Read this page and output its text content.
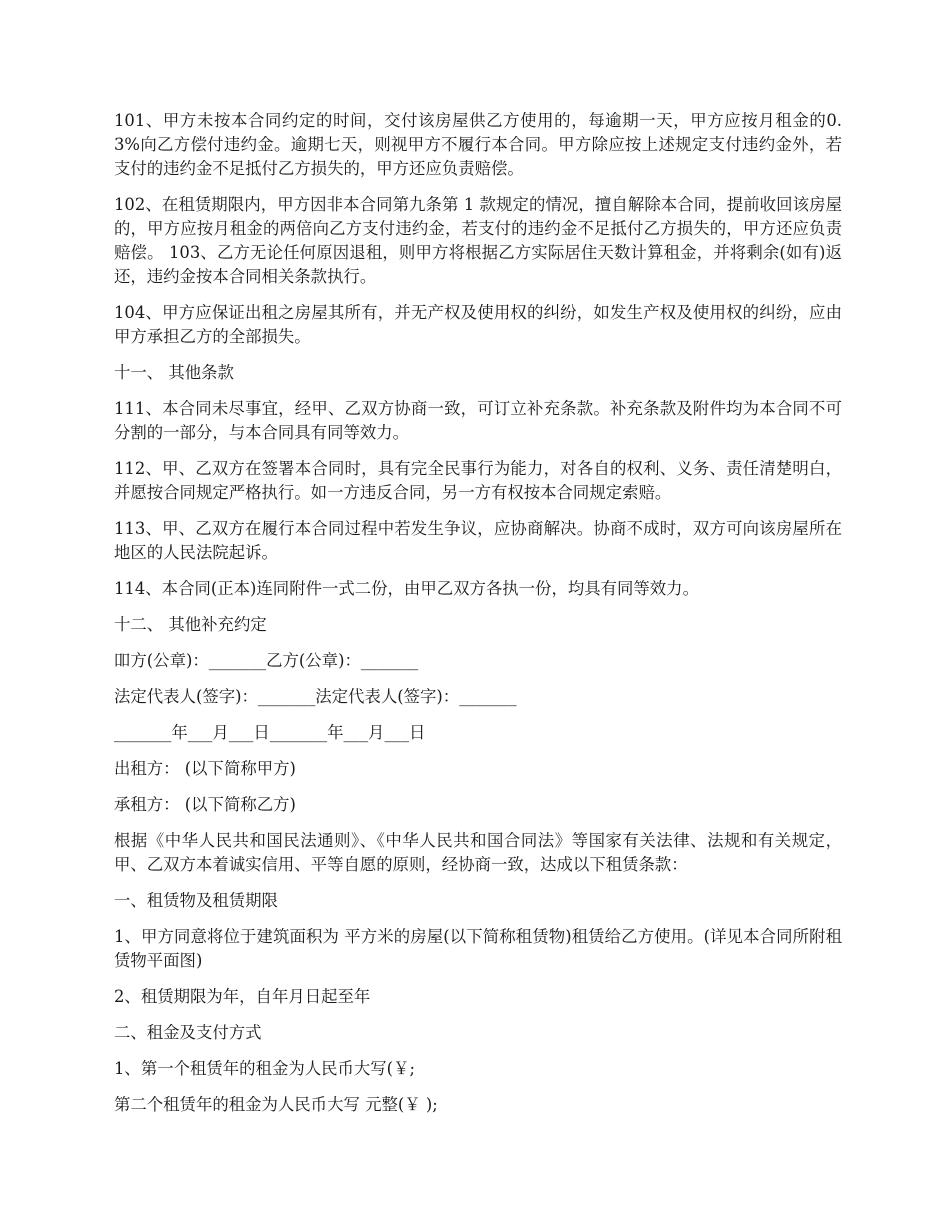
101、甲方未按本合同约定的时间，交付该房屋供乙方使用的，每逾期一天，甲方应按月租金的0.3%向乙方偿付违约金。逾期七天，则视甲方不履行本合同。甲方除应按上述规定支付违约金外，若支付的违约金不足抵付乙方损失的，甲方还应负责赔偿。

102、在租赁期限内，甲方因非本合同第九条第 1 款规定的情况，擅自解除本合同，提前收回该房屋的，甲方应按月租金的两倍向乙方支付违约金，若支付的违约金不足抵付乙方损失的，甲方还应负责赔偿。 103、乙方无论任何原因退租，则甲方将根据乙方实际居住天数计算租金，并将剩余(如有)返还，违约金按本合同相关条款执行。

104、甲方应保证出租之房屋其所有，并无产权及使用权的纠纷，如发生产权及使用权的纠纷，应由甲方承担乙方的全部损失。

十一、 其他条款

111、本合同未尽事宜，经甲、乙双方协商一致，可订立补充条款。补充条款及附件均为本合同不可分割的一部分，与本合同具有同等效力。

112、甲、乙双方在签署本合同时，具有完全民事行为能力，对各自的权利、义务、责任清楚明白，并愿按合同规定严格执行。如一方违反合同，另一方有权按本合同规定索赔。

113、甲、乙双方在履行本合同过程中若发生争议，应协商解决。协商不成时，双方可向该房屋所在地区的人民法院起诉。

114、本合同(正本)连同附件一式二份，由甲乙双方各执一份，均具有同等效力。

十二、 其他补充约定

吅方(公章)：_______乙方(公章)：_______

法定代表人(签字)：_______法定代表人(签字)：_______

_______年___月___日_______年___月___日

出租方： (以下简称甲方)

承租方： (以下简称乙方)

根据《中华人民共和国民法通则》、《中华人民共和国合同法》等国家有关法律、法规和有关规定，甲、乙双方本着诚实信用、平等自愿的原则，经协商一致，达成以下租赁条款：

一、租赁物及租赁期限

1、甲方同意将位于建筑面积为 平方米的房屋(以下简称租赁物)租赁给乙方使用。(详见本合同所附租赁物平面图)

2、租赁期限为年，自年月日起至年

二、租金及支付方式

1、第一个租赁年的租金为人民币大写(￥;

第二个租赁年的租金为人民币大写 元整(￥ );
